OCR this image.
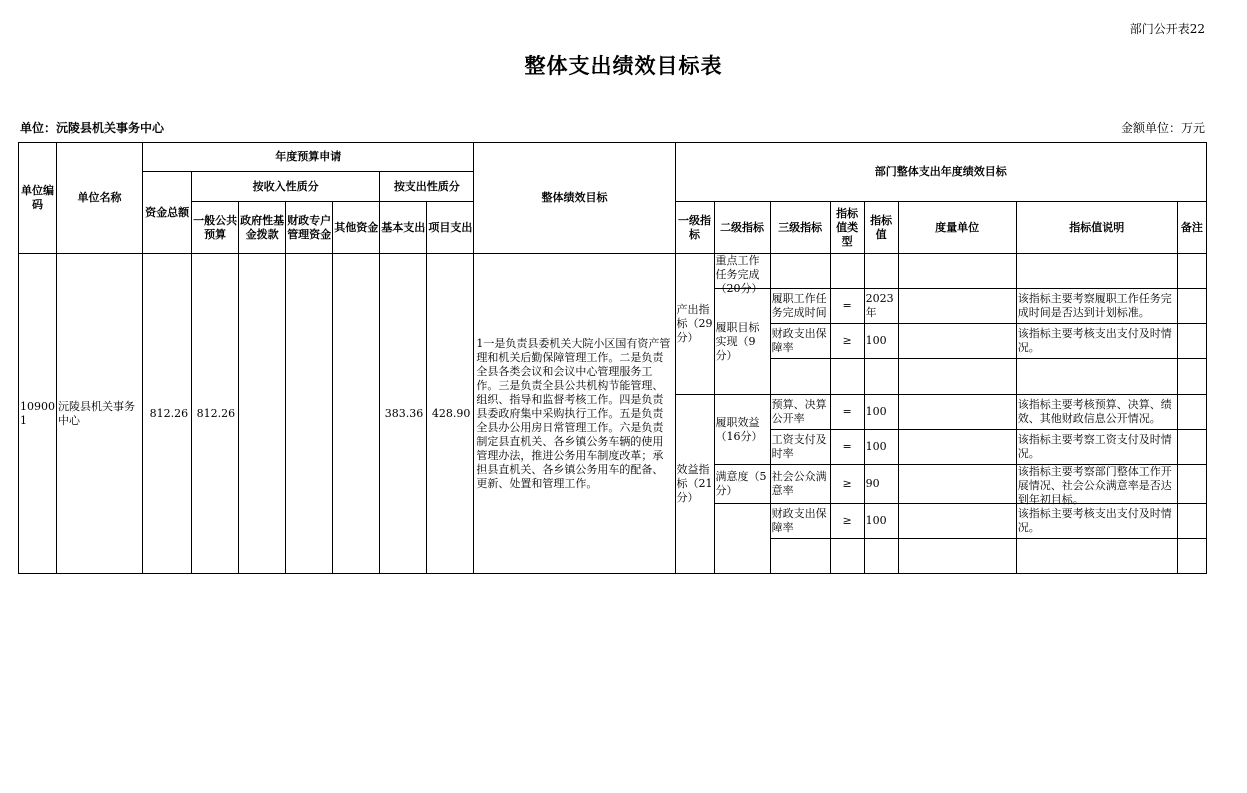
部门公开表22
整体支出绩效目标表
单位：沅陵县机关事务中心	金额单位：万元
单位编码	单位名称	年度预算申请							整体绩效目标	部门整体支出年度绩效目标							
		资金总额	按收入性质分				按支出性质分										
			一般公共预算	政府性基金拨款	财政专户管理资金	其他资金	基本支出	项目支出		一级指标	二级指标	三级指标	指标值类型	指标值	度量单位	指标值说明	备注
109001	沅陵县机关事务中心	812.26	812.26				383.36	428.90	1一是负责县委机关大院小区国有资产管理和机关后勤保障管理工作。二是负责全县各类会议和会议中心管理服务工作。三是负责全县公共机构节能管理、组织、指导和监督考核工作。四是负责县委政府集中采购执行工作。五是负责全县办公用房日常管理工作。六是负责制定县直机关、各乡镇公务车辆的使用管理办法，推进公务用车制度改革；承担县直机关、各乡镇公务用车的配备、更新、处置和管理工作。	产出指标（29分）	重点工作任务完成（20分）						

											履职目标实现（9分）	履职工作任务完成时间	=	2023年		该指标主要考察履职工作任务完成时间是否达到计划标准。	
												财政支出保障率	≥	100		该指标主要考核支出支付及时情况。	

										效益指标（21分）	履职效益（16分）	预算、决算公开率	=	100		该指标主要考核预算、决算、绩效、其他财政信息公开情况。	
												工资支付及时率	=	100		该指标主要考察工资支付及时情况。	
											满意度（5分）	社会公众满意率	≥	90		该指标主要考察部门整体工作开展情况、社会公众满意率是否达到年初目标。	

												财政支出保障率	≥	100		该指标主要考核支出支付及时情况。	
